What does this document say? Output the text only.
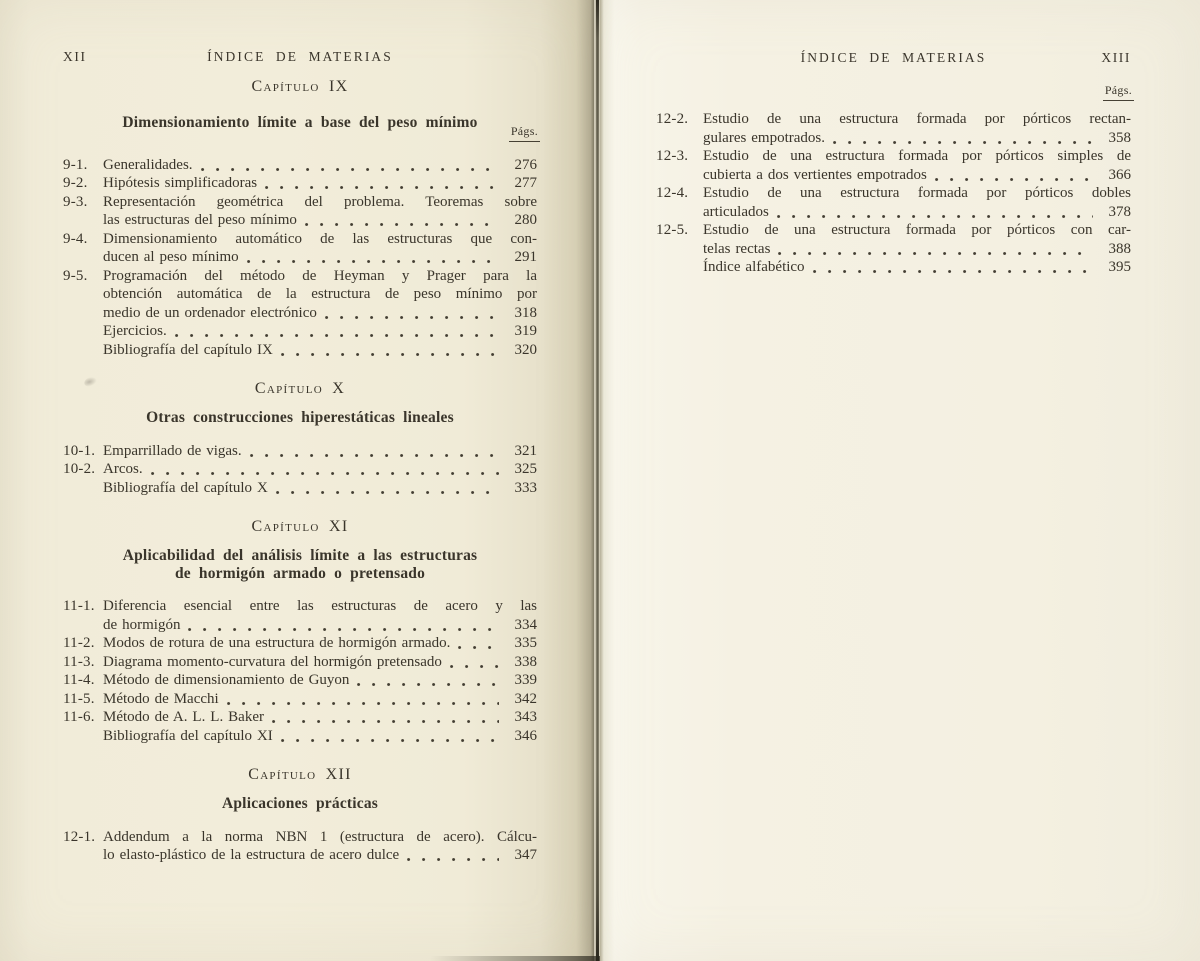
Págs.
XII	ÍNDICE DE MATERIAS
Capítulo IX
Dimensionamiento límite a base del peso mínimo
9-1.	Generalidades.	276
9-2.	Hipótesis simplificadoras	277
9-3.	Representación geométrica del problema. Teoremas sobre
las estructuras del peso mínimo	280
9-4.	Dimensionamiento automático de las estructuras que con-
ducen al peso mínimo	291
9-5.	Programación del método de Heyman y Prager para la
obtención automática de la estructura de peso mínimo por
medio de un ordenador electrónico	318
Ejercicios.	319
Bibliografía del capítulo IX	320
Capítulo X
Otras construcciones hiperestáticas lineales
10-1. Emparrillado de vigas.	321
10-2. Arcos.	325
Bibliografía del capítulo X	333
Capítulo XI
Aplicabilidad del análisis límite a las estructuras
de hormigón armado o pretensado
11-1. Diferencia esencial entre las estructuras de acero y las
de hormigón	334
11-2. Modos de rotura de una estructura de hormigón armado.	335
11-3. Diagrama momento-curvatura del hormigón pretensado	338
11-4. Método de dimensionamiento de Guyon	339
11-5. Método de Macchi	342
11-6. Método de A. L. L. Baker	343
Bibliografía del capítulo XI	346
Capítulo XII
Aplicaciones prácticas
12-1. Addendum a la norma NBN 1 (estructura de acero). Cálcu-
lo elasto-plástico de la estructura de acero dulce	347
Págs.
ÍNDICE DE MATERIAS	XIII
12-2. Estudio de una estructura formada por pórticos rectan-
gulares empotrados.	358
12-3. Estudio de una estructura formada por pórticos simples de
cubierta a dos vertientes empotrados	366
12-4. Estudio de una estructura formada por pórticos dobles
articulados	378
12-5. Estudio de una estructura formada por pórticos con car-
telas rectas	388
Índice alfabético	395
